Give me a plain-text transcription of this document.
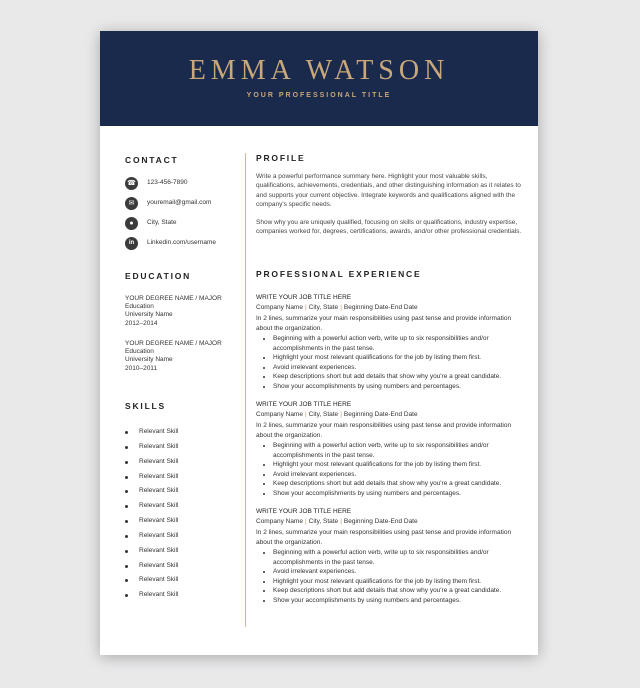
EMMA WATSON
YOUR PROFESSIONAL TITLE
CONTACT
☎	123-456-7890
✉	youremail@gmail.com
●	City, State
in	Linkedin.com/username
EDUCATION
YOUR DEGREE NAME / MAJOR
Education
University Name
2012–2014
YOUR DEGREE NAME / MAJOR
Education
University Name
2010–2011
SKILLS
Relevant Skill
Relevant Skill
Relevant Skill
Relevant Skill
Relevant Skill
Relevant Skill
Relevant Skill
Relevant Skill
Relevant Skill
Relevant Skill
Relevant Skill
Relevant Skill
PROFILE
Write a powerful performance summary here. Highlight your most valuable skills, qualifications, achievements, credentials, and other distinguishing information as it relates to and supports your current objective. Integrate keywords and qualifications aligned with the company's specific needs.
Show why you are uniquely qualified, focusing on skills or qualifications, industry expertise, companies worked for, degrees, certifications, awards, and/or other professional credentials.
PROFESSIONAL EXPERIENCE
WRITE YOUR JOB TITLE HERE
Company Name | City, State | Beginning Date-End Date
In 2 lines, summarize your main responsibilities using past tense and provide information about the organization.
• Beginning with a powerful action verb, write up to six responsibilities and/or accomplishments in the past tense.
• Highlight your most relevant qualifications for the job by listing them first.
• Avoid irrelevant experiences.
• Keep descriptions short but add details that show why you're a great candidate.
• Show your accomplishments by using numbers and percentages.
WRITE YOUR JOB TITLE HERE
Company Name | City, State | Beginning Date-End Date
In 2 lines, summarize your main responsibilities using past tense and provide information about the organization.
• Beginning with a powerful action verb, write up to six responsibilities and/or accomplishments in the past tense.
• Highlight your most relevant qualifications for the job by listing them first.
• Avoid irrelevant experiences.
• Keep descriptions short but add details that show why you're a great candidate.
• Show your accomplishments by using numbers and percentages.
WRITE YOUR JOB TITLE HERE
Company Name | City, State | Beginning Date-End Date
In 2 lines, summarize your main responsibilities using past tense and provide information about the organization.
• Beginning with a powerful action verb, write up to six responsibilities and/or accomplishments in the past tense.
• Avoid irrelevant experiences.
• Highlight your most relevant qualifications for the job by listing them first.
• Keep descriptions short but add details that show why you're a great candidate.
• Show your accomplishments by using numbers and percentages.
